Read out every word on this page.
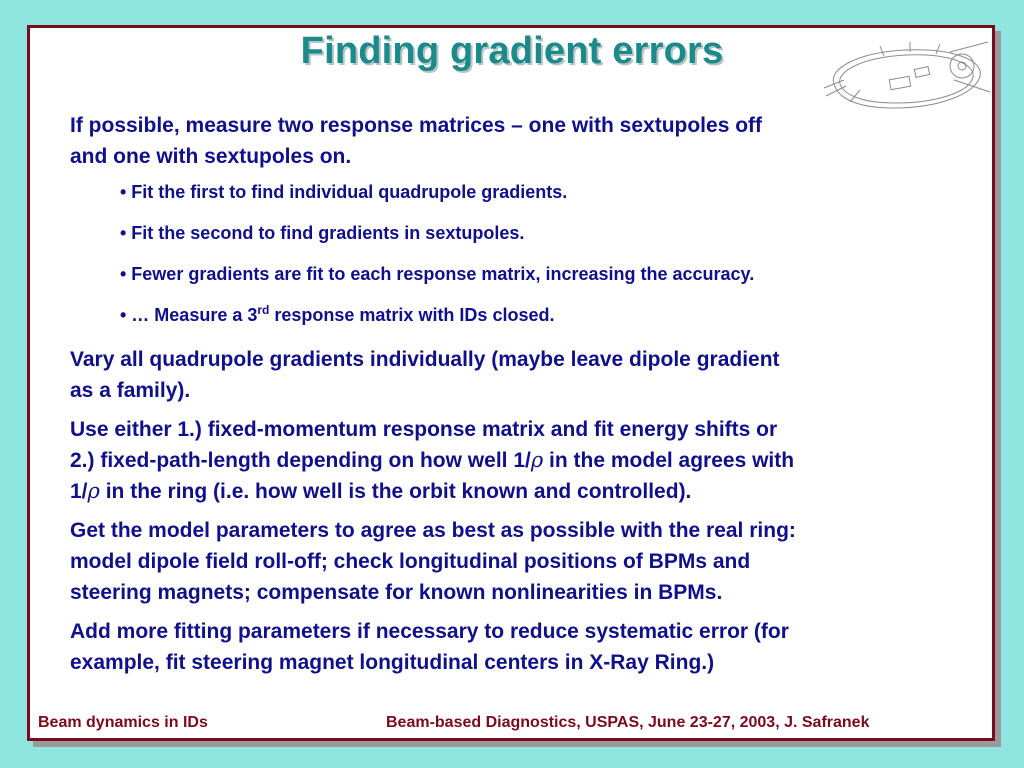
Finding gradient errors
If possible, measure two response matrices – one with sextupoles off
and one with sextupoles on.
• Fit the first to find individual quadrupole gradients.
• Fit the second to find gradients in sextupoles.
• Fewer gradients are fit to each response matrix, increasing the accuracy.
• … Measure a 3rd response matrix with IDs closed.
Vary all quadrupole gradients individually (maybe leave dipole gradient
as a family).
Use either 1.) fixed-momentum response matrix and fit energy shifts or
2.) fixed-path-length depending on how well 1/ρ in the model agrees with
1/ρ in the ring (i.e. how well is the orbit known and controlled).
Get the model parameters to agree as best as possible with the real ring:
model dipole field roll-off; check longitudinal positions of BPMs and
steering magnets; compensate for known nonlinearities in BPMs.
Add more fitting parameters if necessary to reduce systematic error (for
example, fit steering magnet longitudinal centers in X-Ray Ring.)
Beam dynamics in IDs	Beam-based Diagnostics, USPAS, June 23-27, 2003, J. Safranek
